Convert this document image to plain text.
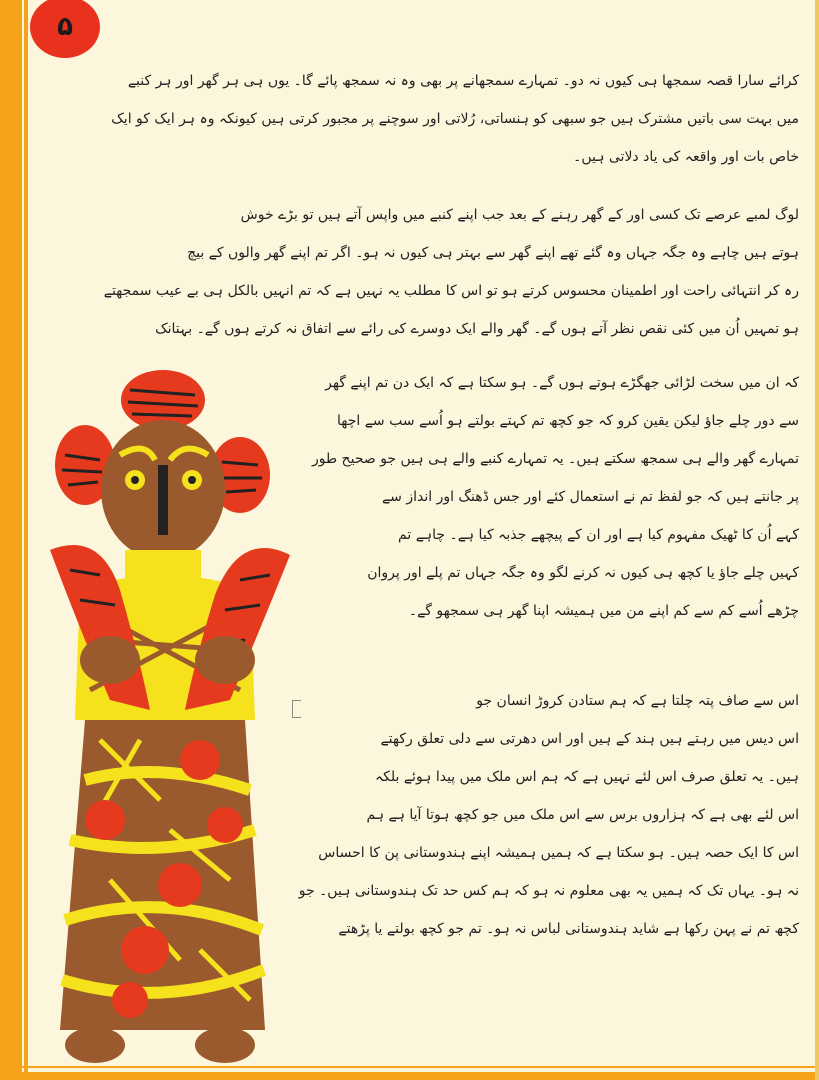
۵
کرائے سارا قصہ سمجھا ہی کیوں نہ دو۔ تمہارے سمجھانے پر بھی وہ نہ سمجھ پائے گا۔ یوں ہی ہر گھر اور ہر کنبے
میں بہت سی باتیں مشترک ہیں جو سبھی کو ہنساتی، رُلاتی اور سوچنے پر مجبور کرتی ہیں کیونکہ وہ ہر ایک کو ایک
خاص بات اور واقعہ کی یاد دلاتی ہیں۔
لوگ لمبے عرصے تک کسی اور کے گھر رہنے کے بعد جب اپنے کنبے میں واپس آتے ہیں تو بڑے خوش
ہوتے ہیں چاہے وہ جگہ جہاں وہ گئے تھے اپنے گھر سے بہتر ہی کیوں نہ ہو۔ اگر تم اپنے گھر والوں کے بیچ
رہ کر انتہائی راحت اور اطمینان محسوس کرتے ہو تو اس کا مطلب یہ نہیں ہے کہ تم انہیں بالکل ہی بے عیب سمجھتے
ہو تمہیں اُن میں کئی نقص نظر آتے ہوں گے۔ گھر والے ایک دوسرے کی رائے سے اتفاق نہ کرتے ہوں گے۔ بہتانک
کہ ان میں سخت لڑائی جھگڑے ہوتے ہوں گے۔ ہو سکتا ہے کہ ایک دن تم اپنے گھر
سے دور چلے جاؤ لیکن یقین کرو کہ جو کچھ تم کہتے بولتے ہو اُسے سب سے اچھا
تمہارے گھر والے ہی سمجھ سکتے ہیں۔ یہ تمہارے کنبے والے ہی ہیں جو صحیح طور
پر جانتے ہیں کہ جو لفظ تم نے استعمال کئے اور جس ڈھنگ اور انداز سے
کہے اُن کا ٹھیک مفہوم کیا ہے اور ان کے پیچھے جذبہ کیا ہے۔ چاہے تم
کہیں چلے جاؤ یا کچھ ہی کیوں نہ کرنے لگو وہ جگہ جہاں تم پلے اور پروان
چڑھے اُسے کم سے کم اپنے من میں ہمیشہ اپنا گھر ہی سمجھو گے۔
اس سے صاف پتہ چلتا ہے کہ ہم ستادن کروڑ انسان جو
اس دیس میں رہتے ہیں ہند کے ہیں اور اس دھرتی سے دلی تعلق رکھتے
ہیں۔ یہ تعلق صرف اس لئے نہیں ہے کہ ہم اس ملک میں پیدا ہوئے بلکہ
اس لئے بھی ہے کہ ہزاروں برس سے اس ملک میں جو کچھ ہوتا آیا ہے ہم
اس کا ایک حصہ ہیں۔ ہو سکتا ہے کہ ہمیں ہمیشہ اپنے ہندوستانی پن کا احساس
نہ ہو۔ یہاں تک کہ ہمیں یہ بھی معلوم نہ ہو کہ ہم کس حد تک ہندوستانی ہیں۔ جو
کچھ تم نے پہن رکھا ہے شاید ہندوستانی لباس نہ ہو۔ تم جو کچھ بولتے یا پڑھتے
